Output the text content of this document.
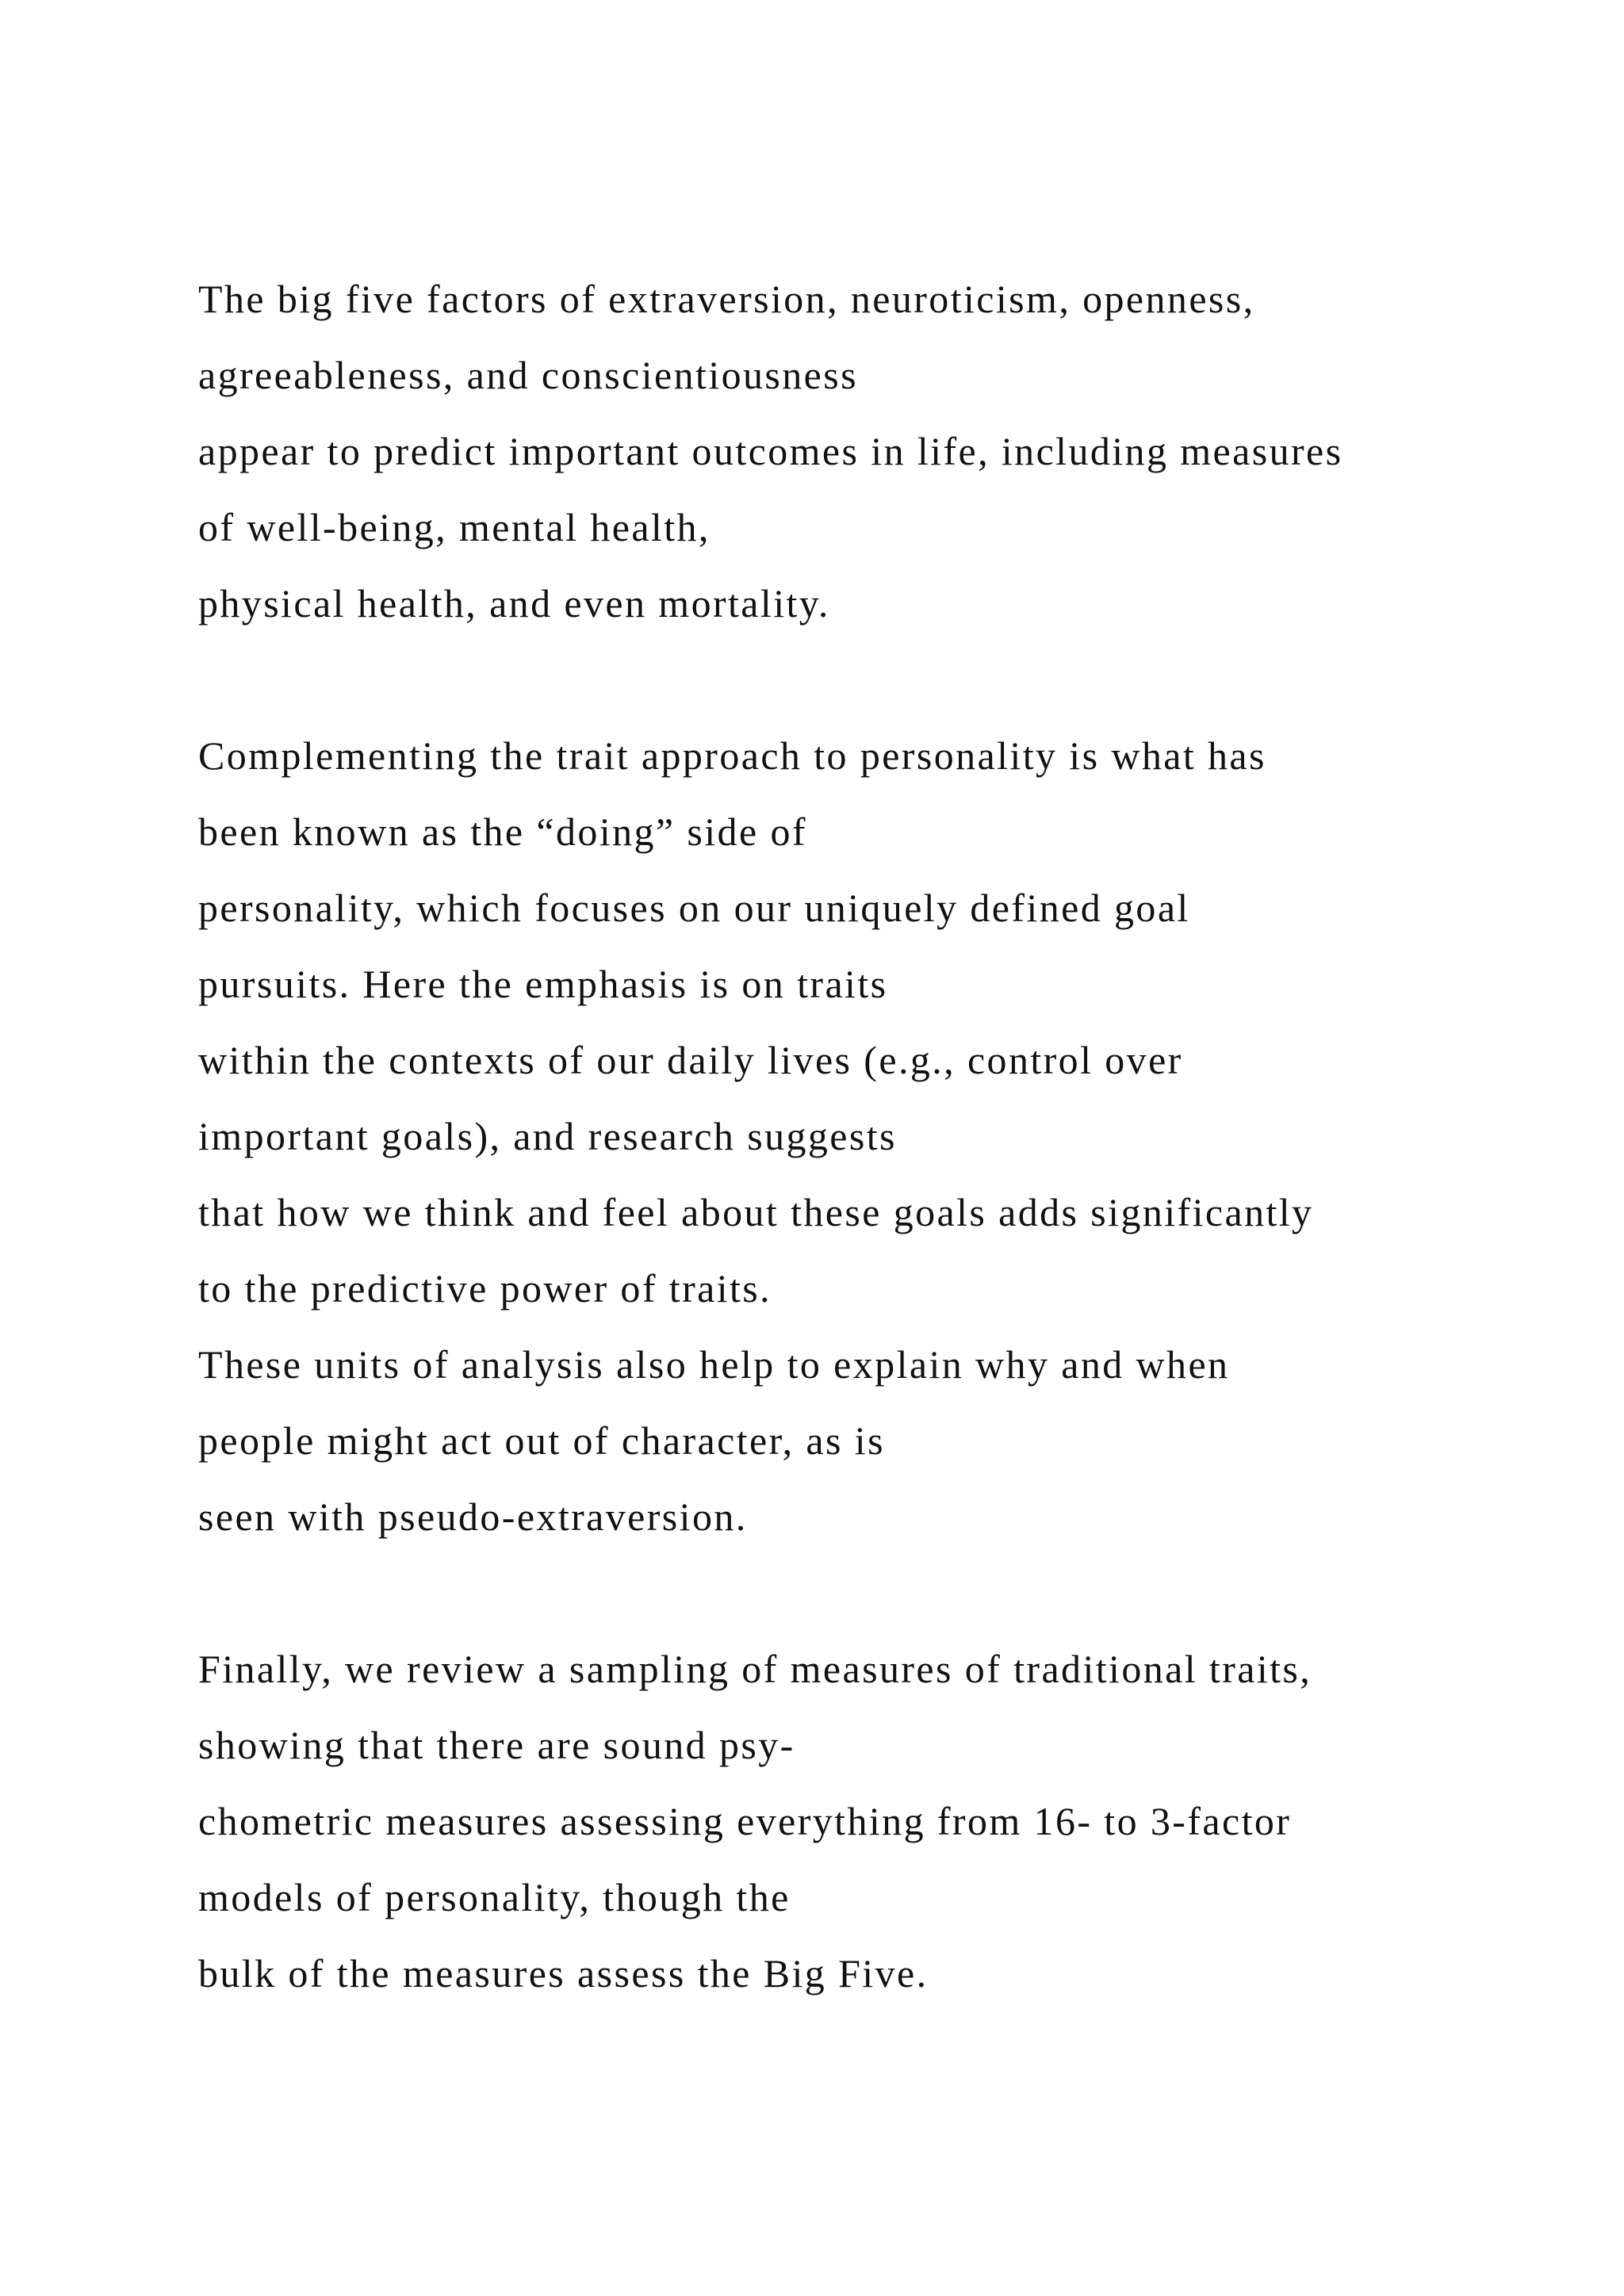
The big five factors of extraversion, neuroticism, openness,
agreeableness, and conscientiousness
appear to predict important outcomes in life, including measures
of well-being, mental health,
physical health, and even mortality.
Complementing the trait approach to personality is what has
been known as the “doing” side of
personality, which focuses on our uniquely defined goal
pursuits. Here the emphasis is on traits
within the contexts of our daily lives (e.g., control over
important goals), and research suggests
that how we think and feel about these goals adds significantly
to the predictive power of traits.
These units of analysis also help to explain why and when
people might act out of character, as is
seen with pseudo-extraversion.
Finally, we review a sampling of measures of traditional traits,
showing that there are sound psy-
chometric measures assessing everything from 16- to 3-factor
models of personality, though the
bulk of the measures assess the Big Five.
